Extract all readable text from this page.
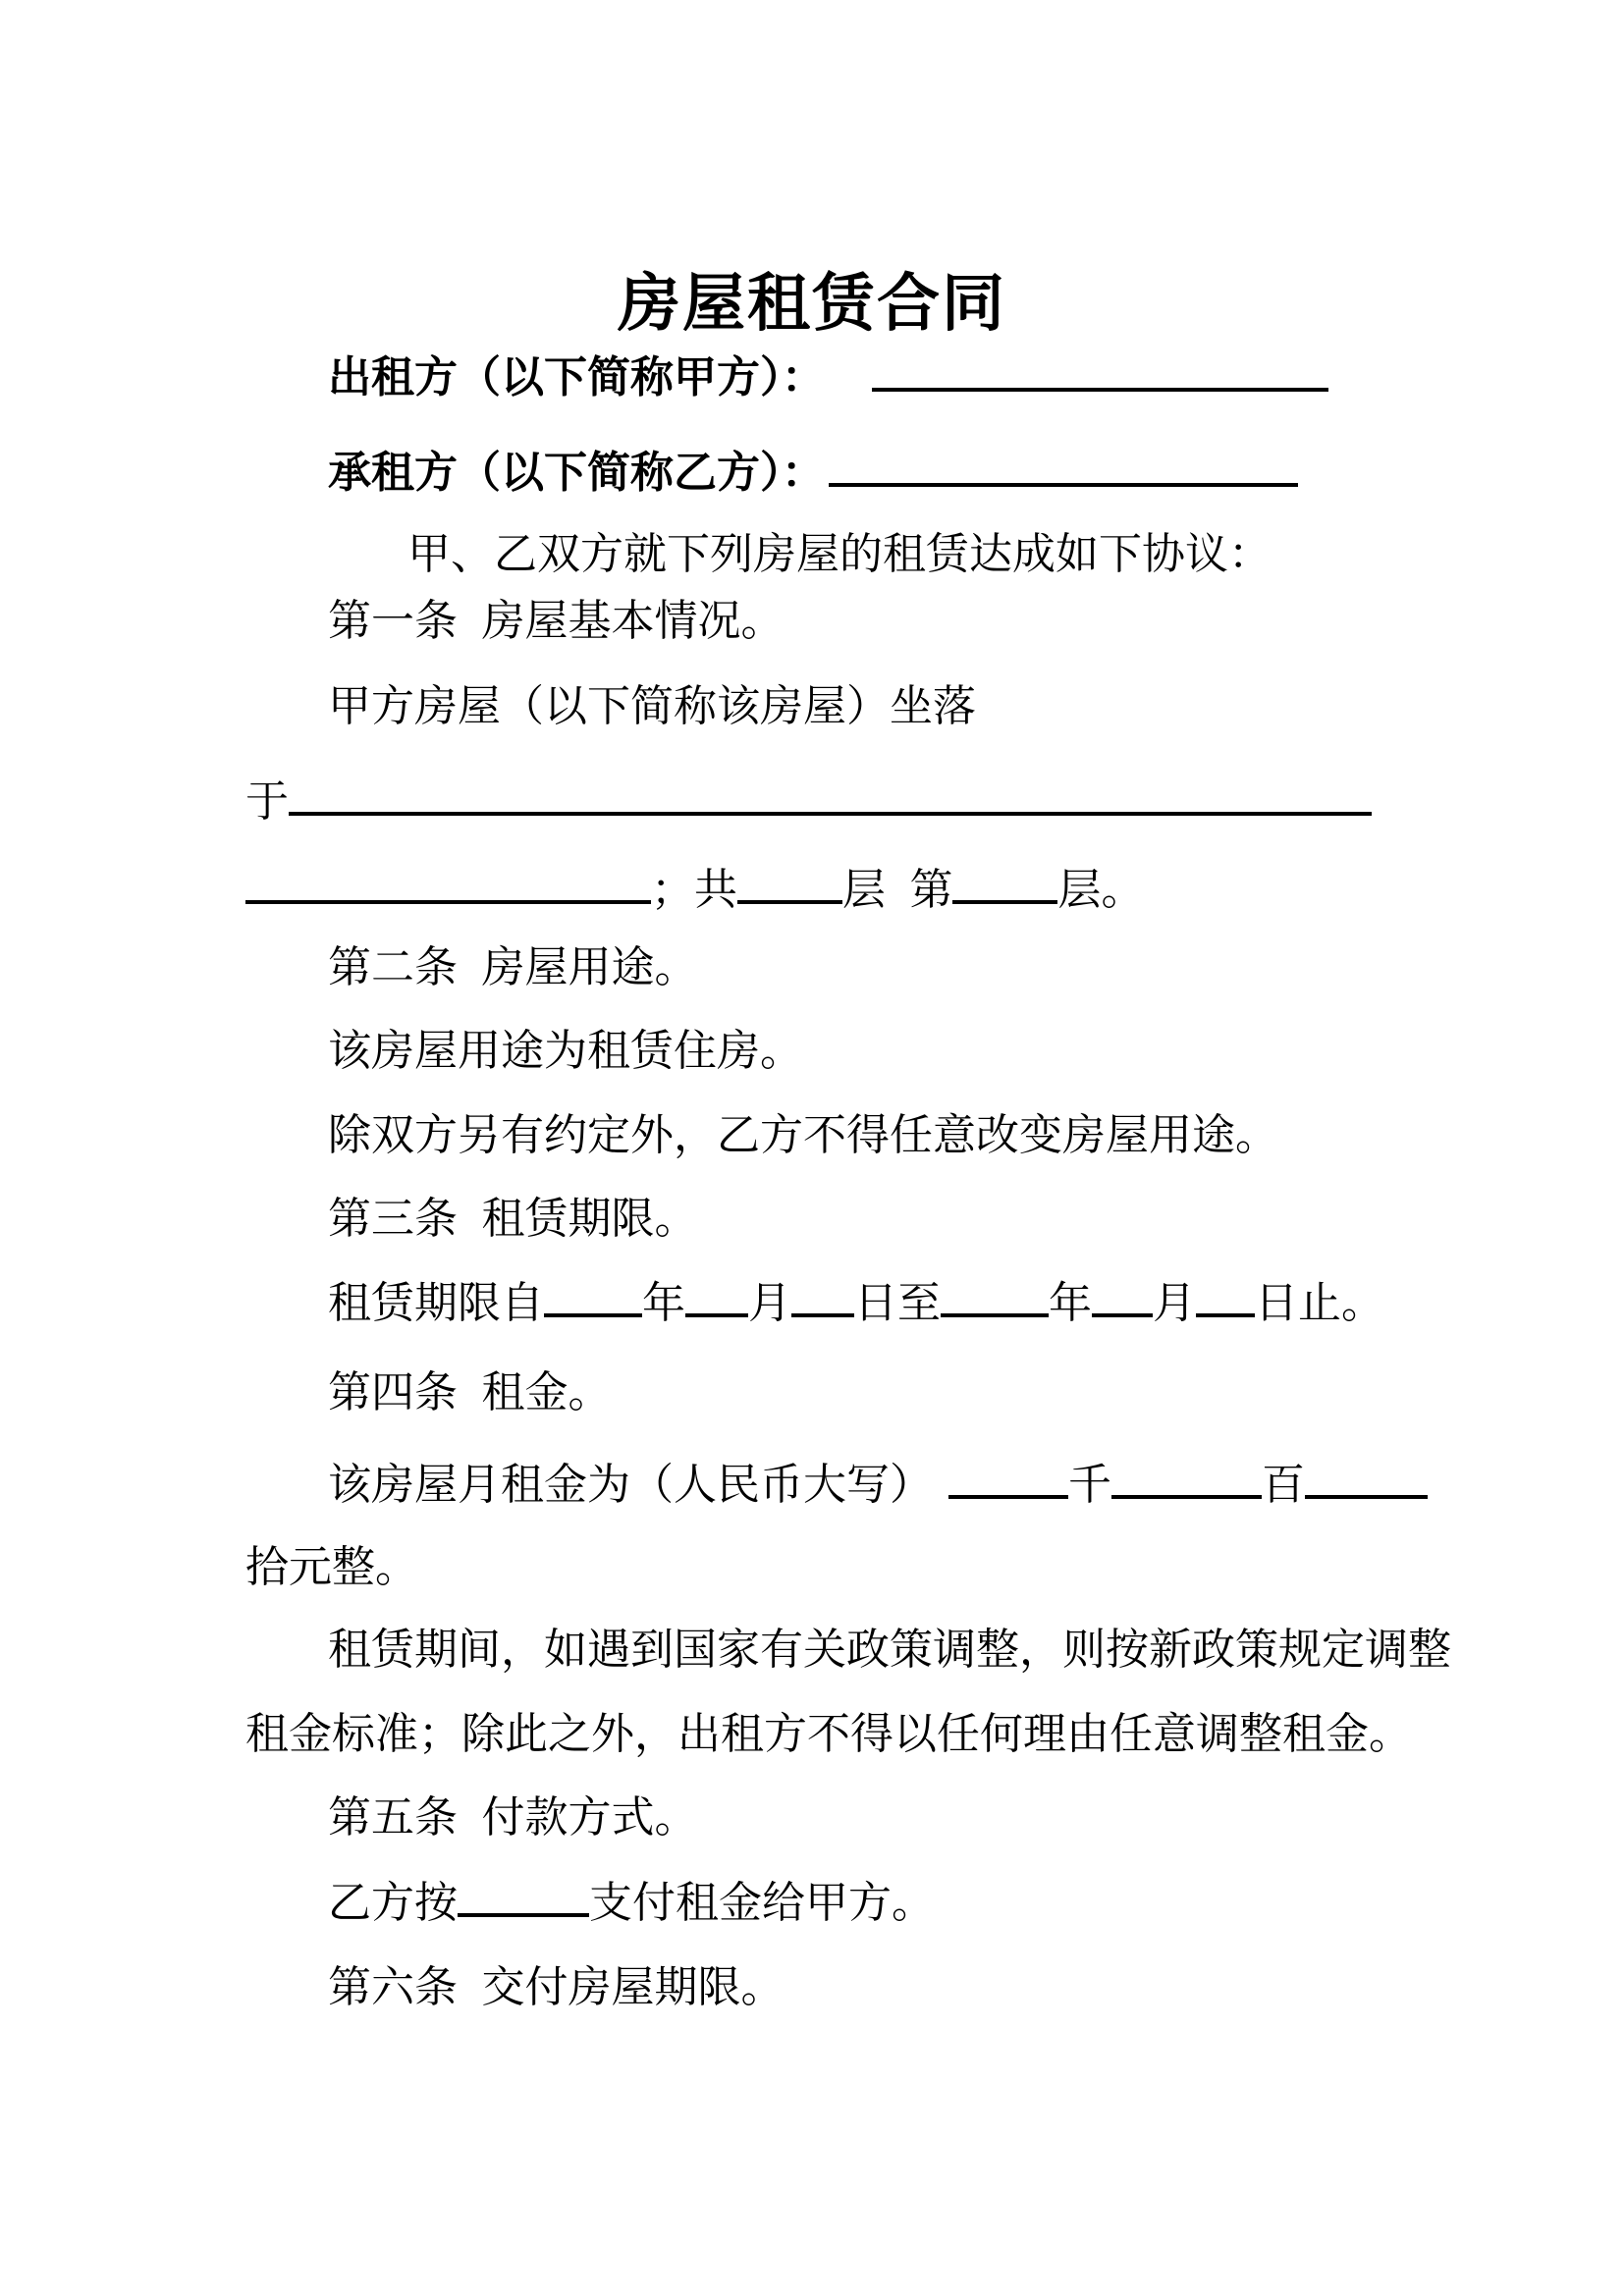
房屋租赁合同
出租方（以下简称甲方）：
承租方（以下简称乙方）：
甲、乙双方就下列房屋的租赁达成如下协议：
第一条  房屋基本情况。
甲方房屋（以下简称该房屋）坐落
于
；共 层  第 层。
第二条  房屋用途。
该房屋用途为租赁住房。
除双方另有约定外，乙方不得任意改变房屋用途。
第三条  租赁期限。
租赁期限自 年 月 日至	年 月 日止。
第四条  租金。
该房屋月租金为（人民币大写）	千	百
拾元整。
租赁期间，如遇到国家有关政策调整，则按新政策规定调整
租金标准；除此之外，出租方不得以任何理由任意调整租金。
第五条  付款方式。
乙方按	支付租金给甲方。
第六条  交付房屋期限。
